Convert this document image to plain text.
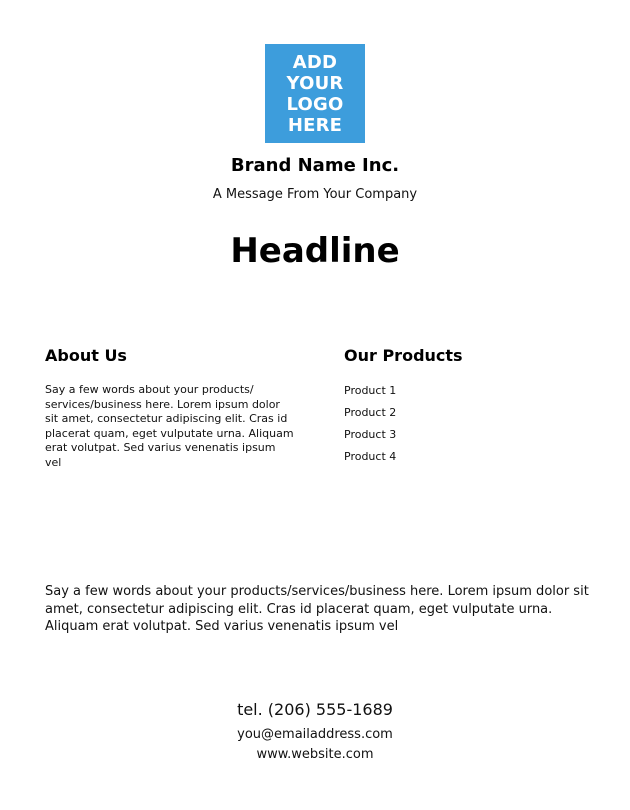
ADD
YOUR
LOGO
HERE
Brand Name Inc.
A Message From Your Company
Headline
About Us
Say a few words about your products/ services/business here. Lorem ipsum dolor sit amet, consectetur adipiscing elit. Cras id placerat quam, eget vulputate urna. Aliquam erat volutpat. Sed varius venenatis ipsum vel
Our Products
Product 1
Product 2
Product 3
Product 4
Say a few words about your products/services/business here. Lorem ipsum dolor sit amet, consectetur adipiscing elit. Cras id placerat quam, eget vulputate urna. Aliquam erat volutpat. Sed varius venenatis ipsum vel
tel. (206) 555-1689
you@emailaddress.com
www.website.com
